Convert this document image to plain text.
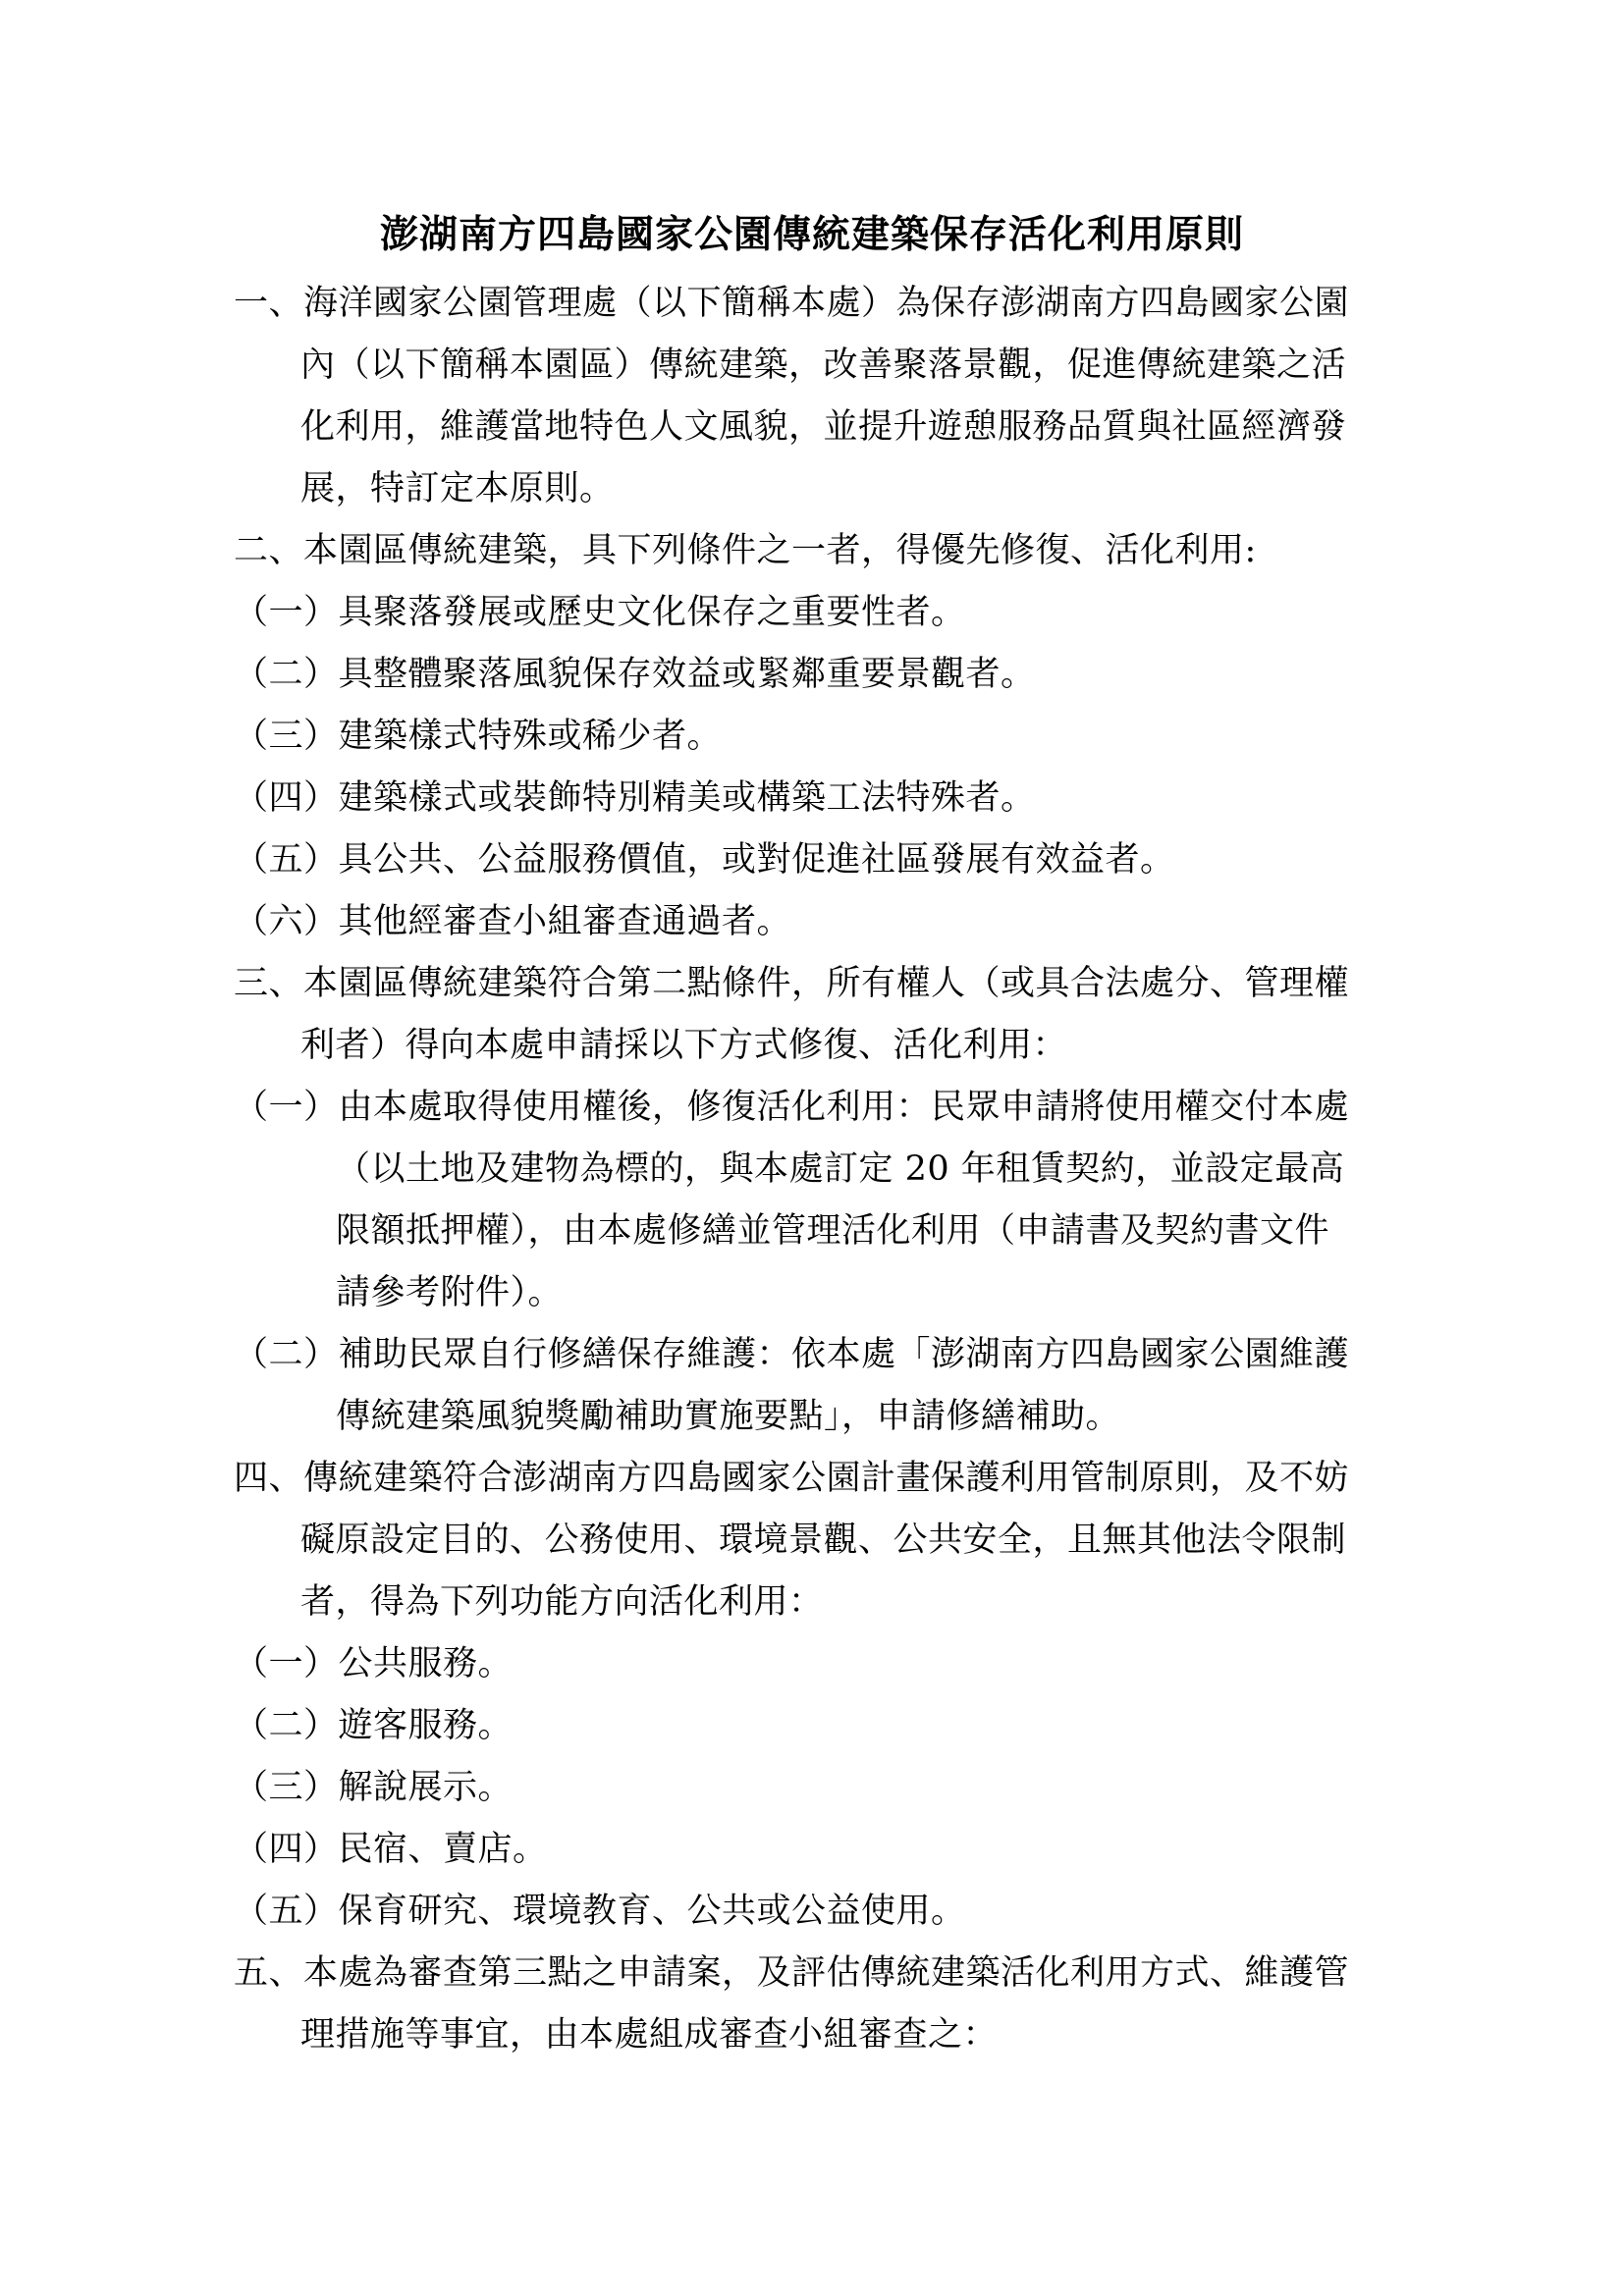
澎湖南方四島國家公園傳統建築保存活化利用原則
一、海洋國家公園管理處（以下簡稱本處）為保存澎湖南方四島國家公園
內（以下簡稱本園區）傳統建築，改善聚落景觀，促進傳統建築之活
化利用，維護當地特色人文風貌，並提升遊憩服務品質與社區經濟發
展，特訂定本原則。
二、本園區傳統建築，具下列條件之一者，得優先修復、活化利用:
（一）具聚落發展或歷史文化保存之重要性者。
（二）具整體聚落風貌保存效益或緊鄰重要景觀者。
（三）建築樣式特殊或稀少者。
（四）建築樣式或裝飾特別精美或構築工法特殊者。
（五）具公共、公益服務價值，或對促進社區發展有效益者。
（六）其他經審查小組審查通過者。
三、本園區傳統建築符合第二點條件，所有權人（或具合法處分、管理權
利者）得向本處申請採以下方式修復、活化利用：
（一）由本處取得使用權後，修復活化利用：民眾申請將使用權交付本處
（以土地及建物為標的，與本處訂定 20 年租賃契約，並設定最高
限額抵押權），由本處修繕並管理活化利用（申請書及契約書文件
請參考附件）。
（二）補助民眾自行修繕保存維護：依本處「澎湖南方四島國家公園維護
傳統建築風貌獎勵補助實施要點」，申請修繕補助。
四、傳統建築符合澎湖南方四島國家公園計畫保護利用管制原則，及不妨
礙原設定目的、公務使用、環境景觀、公共安全，且無其他法令限制
者，得為下列功能方向活化利用：
（一）公共服務。
（二）遊客服務。
（三）解說展示。
（四）民宿、賣店。
（五）保育研究、環境教育、公共或公益使用。
五、本處為審查第三點之申請案，及評估傳統建築活化利用方式、維護管
理措施等事宜，由本處組成審查小組審查之：
